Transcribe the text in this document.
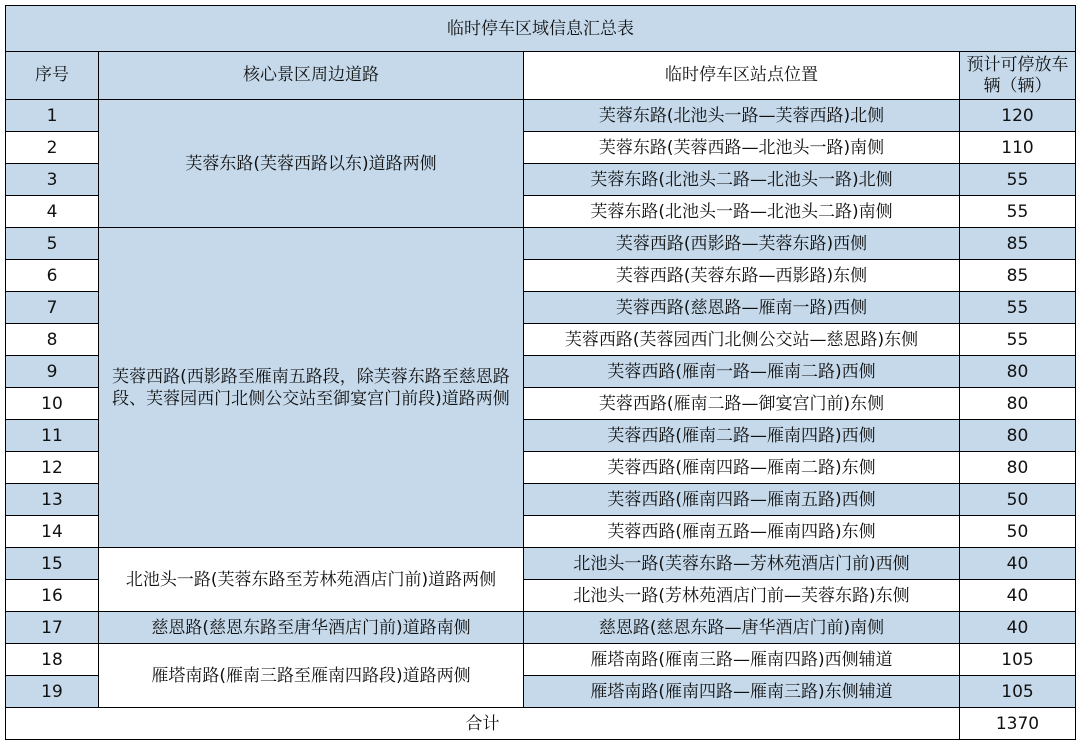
临时停车区域信息汇总表			
序号	核心景区周边道路	临时停车区站点位置	预计可停放车辆（辆）
1	芙蓉东路(芙蓉西路以东)道路两侧	芙蓉东路(北池头一路—芙蓉西路)北侧	120
2		芙蓉东路(芙蓉西路—北池头一路)南侧	110
3		芙蓉东路(北池头二路—北池头一路)北侧	55
4		芙蓉东路(北池头一路—北池头二路)南侧	55
5	芙蓉西路(西影路至雁南五路段，除芙蓉东路至慈恩路段、芙蓉园西门北侧公交站至御宴宫门前段)道路两侧	芙蓉西路(西影路—芙蓉东路)西侧	85
6		芙蓉西路(芙蓉东路—西影路)东侧	85
7		芙蓉西路(慈恩路—雁南一路)西侧	55
8		芙蓉西路(芙蓉园西门北侧公交站—慈恩路)东侧	55
9		芙蓉西路(雁南一路—雁南二路)西侧	80
10		芙蓉西路(雁南二路—御宴宫门前)东侧	80
11		芙蓉西路(雁南二路—雁南四路)西侧	80
12		芙蓉西路(雁南四路—雁南二路)东侧	80
13		芙蓉西路(雁南四路—雁南五路)西侧	50
14		芙蓉西路(雁南五路—雁南四路)东侧	50
15	北池头一路(芙蓉东路至芳林苑酒店门前)道路两侧	北池头一路(芙蓉东路—芳林苑酒店门前)西侧	40
16		北池头一路(芳林苑酒店门前—芙蓉东路)东侧	40
17	慈恩路(慈恩东路至唐华酒店门前)道路南侧	慈恩路(慈恩东路—唐华酒店门前)南侧	40
18	雁塔南路(雁南三路至雁南四路段)道路两侧	雁塔南路(雁南三路—雁南四路)西侧辅道	105
19		雁塔南路(雁南四路—雁南三路)东侧辅道	105
合计			1370
